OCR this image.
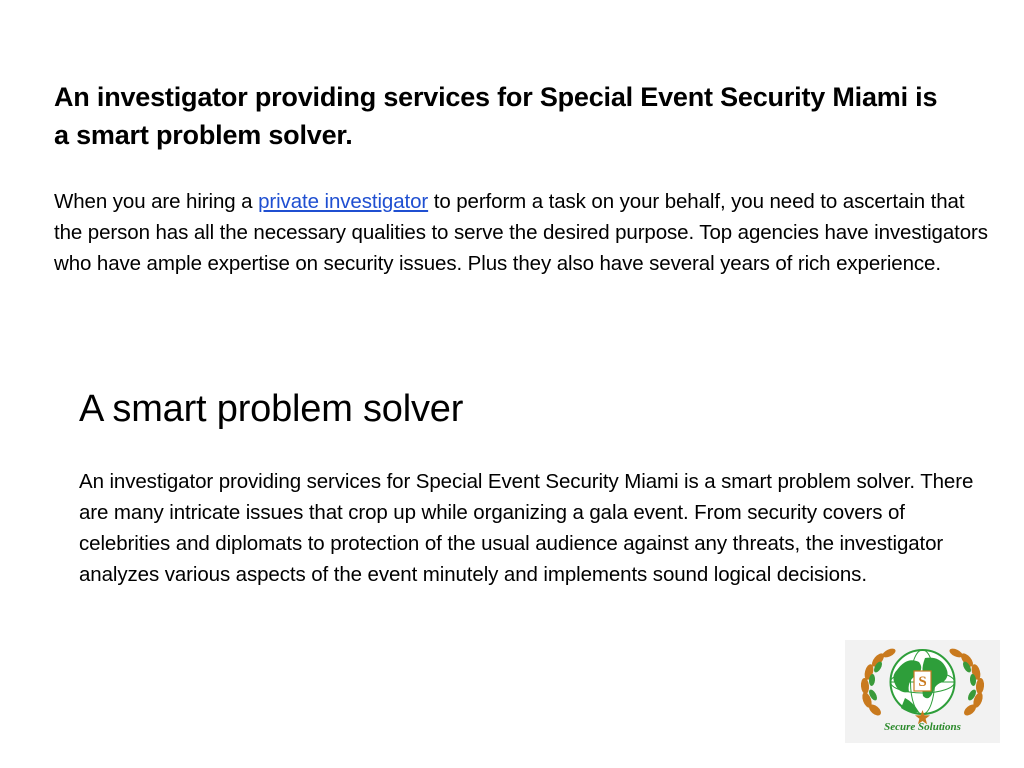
An investigator providing services for Special Event Security Miami is a smart problem solver.

When you are hiring a private investigator to perform a task on your behalf, you need to ascertain that the person has all the necessary qualities to serve the desired purpose. Top agencies have investigators who have ample expertise on security issues. Plus they also have several years of rich experience.

A smart problem solver

An investigator providing services for Special Event Security Miami is a smart problem solver. There are many intricate issues that crop up while organizing a gala event. From security covers of celebrities and diplomats to protection of the usual audience against any threats, the investigator analyzes various aspects of the event minutely and implements sound logical decisions.

S
Secure Solutions
